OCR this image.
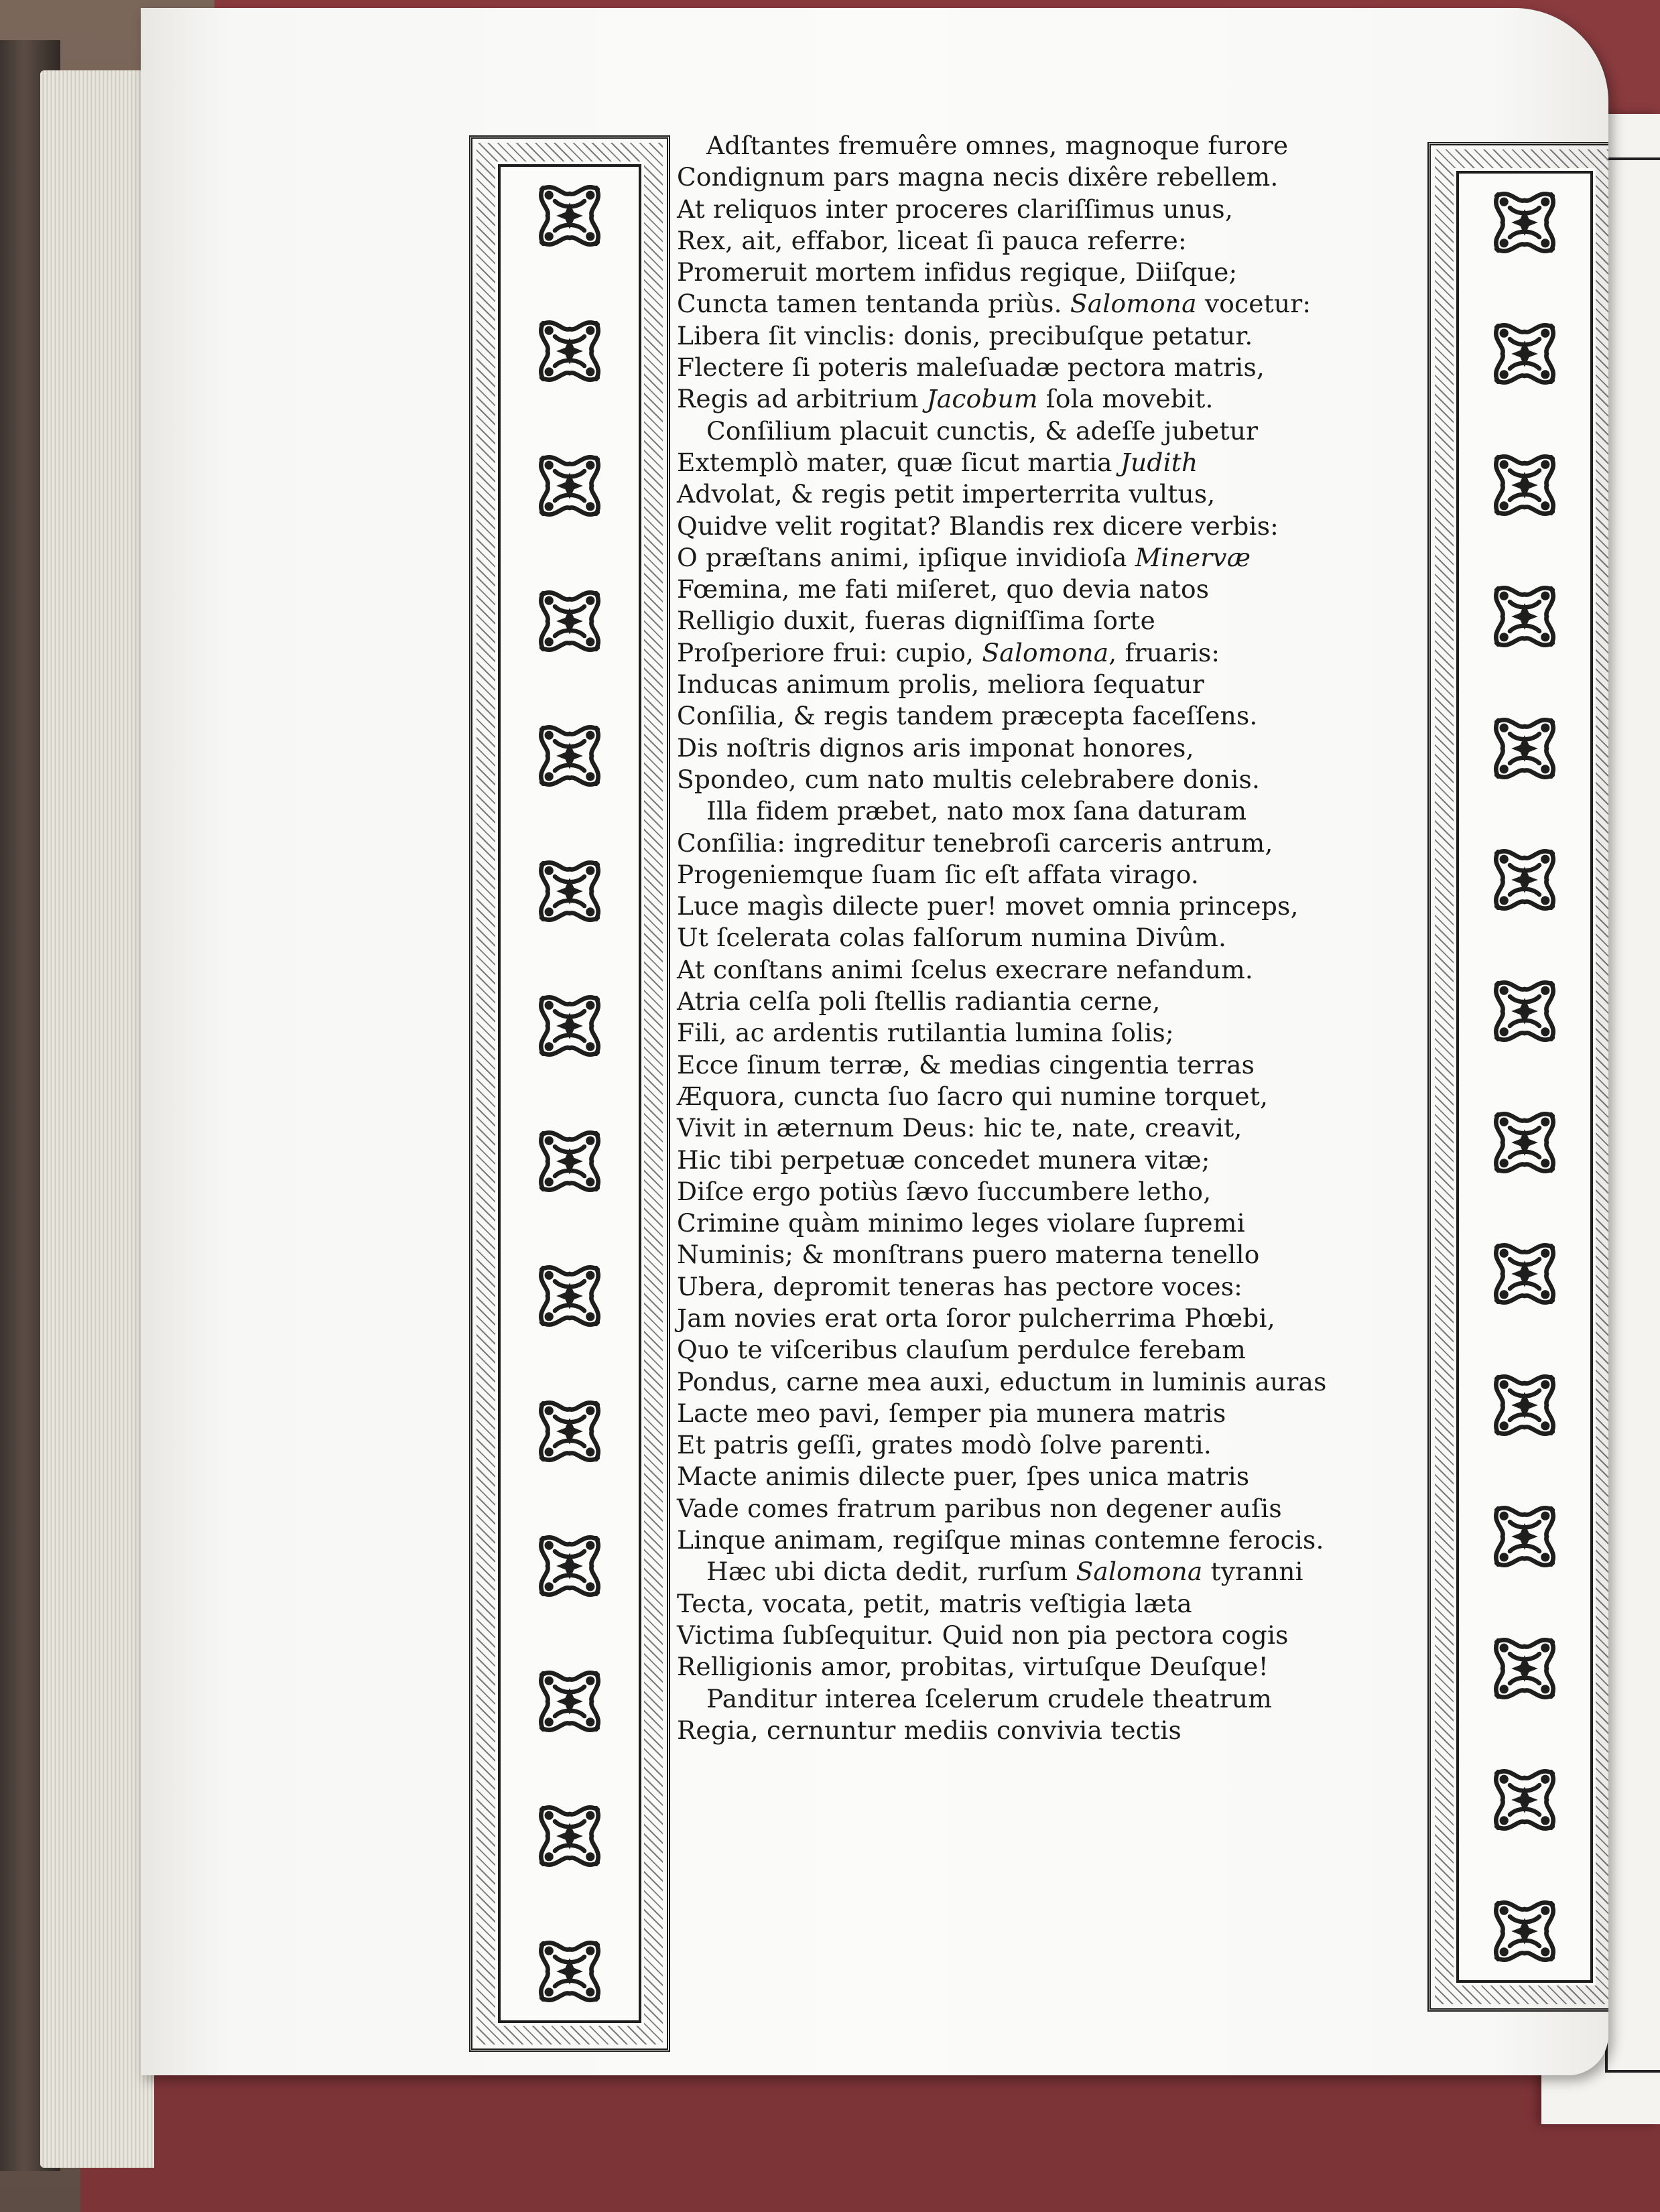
Adſtantes fremuêre omnes, magnoque furore
Condignum pars magna necis dixêre rebellem.
At reliquos inter proceres clariſſimus unus,
Rex, ait, effabor, liceat ſi pauca referre:
Promeruit mortem infidus regique, Diiſque;
Cuncta tamen tentanda priùs. Salomona vocetur:
Libera ſit vinclis: donis, precibuſque petatur.
Flectere ſi poteris maleſuadæ pectora matris,
Regis ad arbitrium Jacobum ſola movebit.
Conſilium placuit cunctis, & adeſſe jubetur
Extemplò mater, quæ ſicut martia Judith
Advolat, & regis petit imperterrita vultus,
Quidve velit rogitat? Blandis rex dicere verbis:
O præſtans animi, ipſique invidioſa Minervæ
Fœmina, me fati miſeret, quo devia natos
Relligio duxit, fueras digniſſima ſorte
Proſperiore frui: cupio, Salomona, fruaris:
Inducas animum prolis, meliora ſequatur
Conſilia, & regis tandem præcepta faceſſens.
Dis noſtris dignos aris imponat honores,
Spondeo, cum nato multis celebrabere donis.
Illa fidem præbet, nato mox ſana daturam
Conſilia: ingreditur tenebroſi carceris antrum,
Progeniemque ſuam ſic eſt affata virago.
Luce magìs dilecte puer! movet omnia princeps,
Ut ſcelerata colas falſorum numina Divûm.
At conſtans animi ſcelus execrare nefandum.
Atria celſa poli ſtellis radiantia cerne,
Fili, ac ardentis rutilantia lumina ſolis;
Ecce ſinum terræ, & medias cingentia terras
Æquora, cuncta ſuo ſacro qui numine torquet,
Vivit in æternum Deus: hic te, nate, creavit,
Hic tibi perpetuæ concedet munera vitæ;
Diſce ergo potiùs ſævo ſuccumbere letho,
Crimine quàm minimo leges violare ſupremi
Numinis; & monſtrans puero materna tenello
Ubera, depromit teneras has pectore voces:
Jam novies erat orta ſoror pulcherrima Phœbi,
Quo te viſceribus clauſum perdulce ferebam
Pondus, carne mea auxi, eductum in luminis auras
Lacte meo pavi, ſemper pia munera matris
Et patris geſſi, grates modò ſolve parenti.
Macte animis dilecte puer, ſpes unica matris
Vade comes fratrum paribus non degener auſis
Linque animam, regiſque minas contemne ferocis.
Hæc ubi dicta dedit, rurſum Salomona tyranni
Tecta, vocata, petit, matris veſtigia læta
Victima ſubſequitur. Quid non pia pectora cogis
Relligionis amor, probitas, virtuſque Deuſque!
Panditur interea ſcelerum crudele theatrum
Regia, cernuntur mediis convivia tectis
